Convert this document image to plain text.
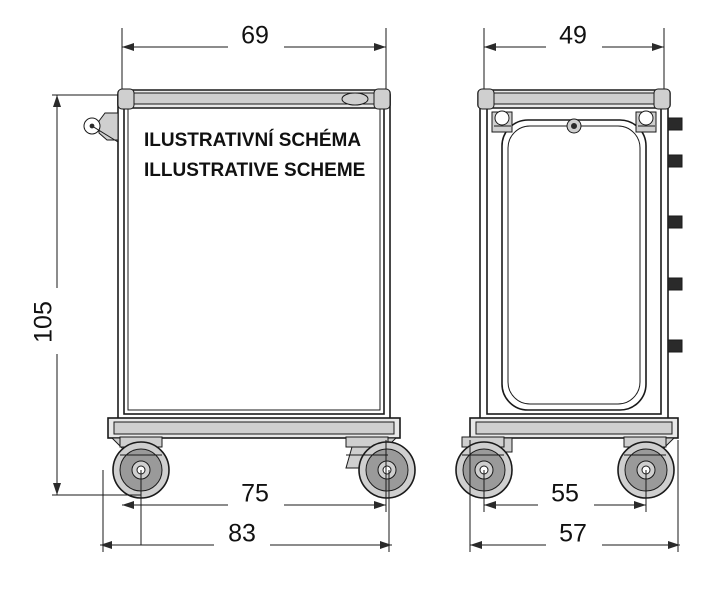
ILUSTRATIVNÍ SCHÉMA
ILLUSTRATIVE SCHEME
69
105
75
83
49
55
57
